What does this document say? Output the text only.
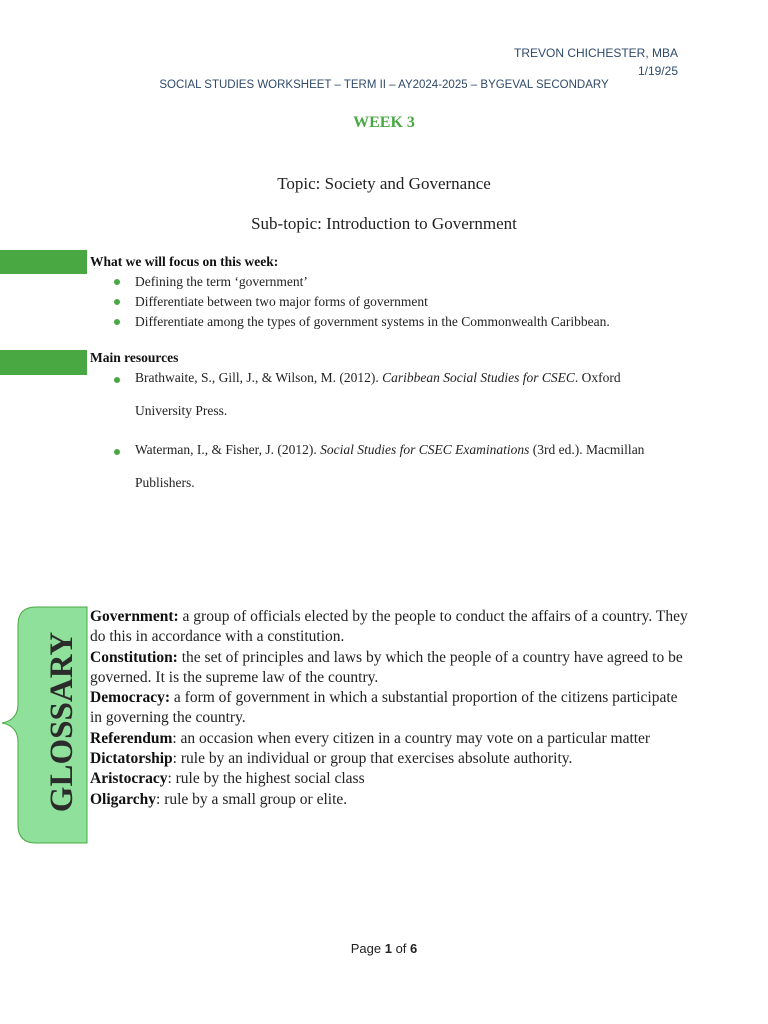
TREVON CHICHESTER, MBA
1/19/25
SOCIAL STUDIES WORKSHEET – TERM II – AY2024-2025 – BYGEVAL SECONDARY
WEEK 3
Topic: Society and Governance
Sub-topic: Introduction to Government
What we will focus on this week:
Defining the term ‘government’
Differentiate between two major forms of government
Differentiate among the types of government systems in the Commonwealth Caribbean.
Main resources
Brathwaite, S., Gill, J., & Wilson, M. (2012). Caribbean Social Studies for CSEC. Oxford
University Press.
Waterman, I., & Fisher, J. (2012). Social Studies for CSEC Examinations (3rd ed.). Macmillan
Publishers.
GLOSSARY

Government: a group of officials elected by the people to conduct the affairs of a country. They do this in accordance with a constitution.

Constitution: the set of principles and laws by which the people of a country have agreed to be governed. It is the supreme law of the country.

Democracy: a form of government in which a substantial proportion of the citizens participate in governing the country.

Referendum: an occasion when every citizen in a country may vote on a particular matter

Dictatorship: rule by an individual or group that exercises absolute authority.

Aristocracy: rule by the highest social class

Oligarchy: rule by a small group or elite.

Page 1 of 6
